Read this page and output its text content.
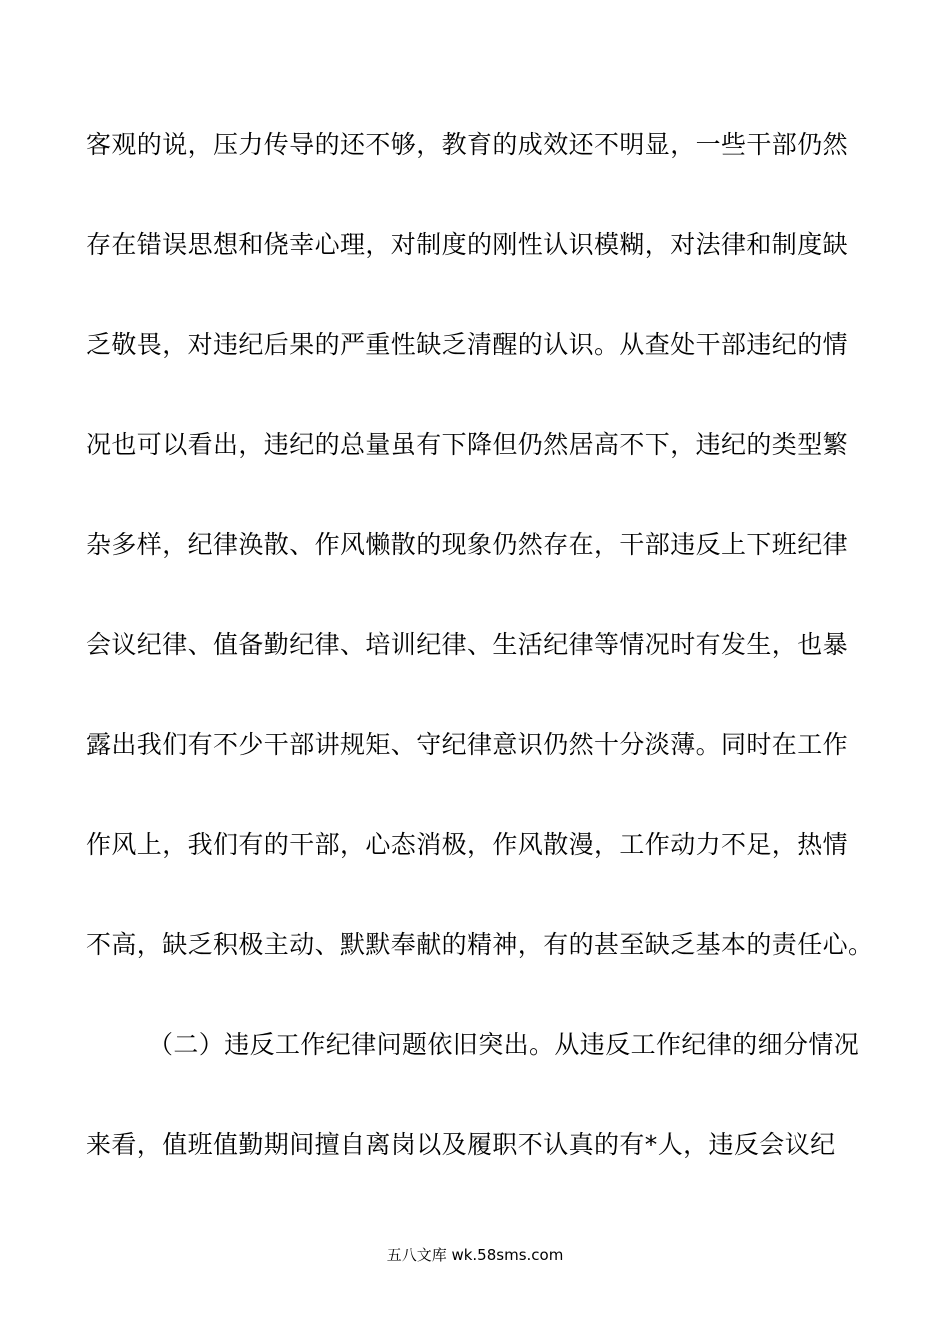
客观的说，压力传导的还不够，教育的成效还不明显，一些干部仍然
存在错误思想和侥幸心理，对制度的刚性认识模糊，对法律和制度缺
乏敬畏，对违纪后果的严重性缺乏清醒的认识。从查处干部违纪的情
况也可以看出，违纪的总量虽有下降但仍然居高不下，违纪的类型繁
杂多样，纪律涣散、作风懒散的现象仍然存在，干部违反上下班纪律
会议纪律、值备勤纪律、培训纪律、生活纪律等情况时有发生，也暴
露出我们有不少干部讲规矩、守纪律意识仍然十分淡薄。同时在工作
作风上，我们有的干部，心态消极，作风散漫，工作动力不足，热情
不高，缺乏积极主动、默默奉献的精神，有的甚至缺乏基本的责任心。
（二）违反工作纪律问题依旧突出。从违反工作纪律的细分情况
来看，值班值勤期间擅自离岗以及履职不认真的有*人，违反会议纪
五八文库 wk.58sms.com
